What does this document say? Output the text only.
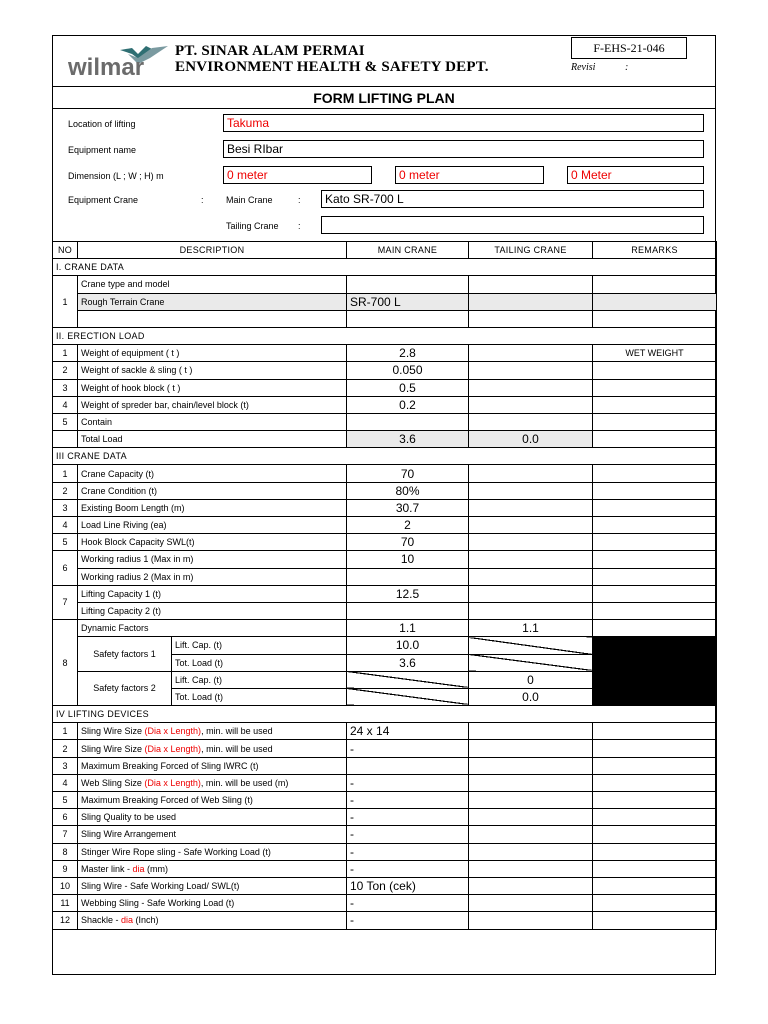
wilmar
PT. SINAR ALAM PERMAI
ENVIRONMENT HEALTH & SAFETY DEPT.
F-EHS-21-046
Revisi	:
FORM LIFTING PLAN
Location of lifting	Takuma
Equipment name	Besi RIbar
Dimension (L ; W ; H) m	0 meter	0 meter	0 Meter
Equipment Crane	: Main Crane	:	Kato SR-700 L
Tailing Crane :
NO	DESCRIPTION		MAIN CRANE	TAILING CRANE	REMARKS
I. CRANE DATA					
1	Crane type and model				
	Rough Terrain Crane		SR-700 L		

II. ERECTION LOAD					
1	Weight of equipment ( t )		2.8		WET WEIGHT
2	Weight of sackle & sling ( t )		0.050		
3	Weight of hook block ( t )		0.5		
4	Weight of spreder bar, chain/level block (t)		0.2		
5	Contain				
	Total Load		3.6	0.0	
III CRANE DATA					
1	Crane Capacity (t)		70		
2	Crane Condition (t)		80%		
3	Existing Boom Length (m)		30.7		
4	Load Line Riving (ea)		2		
5	Hook Block Capacity SWL(t)		70		
6	Working radius 1 (Max in m)		10		
	Working radius 2 (Max in m)				
7	Lifting Capacity 1 (t)		12.5		
	Lifting Capacity 2 (t)				
8	Dynamic Factors		1.1	1.1	
	Safety factors 1	Lift. Cap. (t)	10.0		
		Tot. Load (t)	3.6		
	Safety factors 2	Lift. Cap. (t)		0	
		Tot. Load (t)		0.0	
IV LIFTING DEVICES					
1	Sling Wire Size (Dia x Length), min. will be used		24 x 14		
2	Sling Wire Size (Dia x Length), min. will be used		-		
3	Maximum Breaking Forced of Sling IWRC (t)				
4	Web Sling Size (Dia x Length), min. will be used (m)		-		
5	Maximum Breaking Forced of Web Sling (t)		-		
6	Sling Quality to be used		-		
7	Sling Wire Arrangement		-		
8	Stinger Wire Rope sling - Safe Working Load (t)		-		
9	Master link - dia (mm)		-		
10	Sling Wire - Safe Working Load/ SWL(t)		10 Ton (cek)		
11	Webbing Sling - Safe Working Load (t)		-		
12	Shackle - dia (Inch)		-		
